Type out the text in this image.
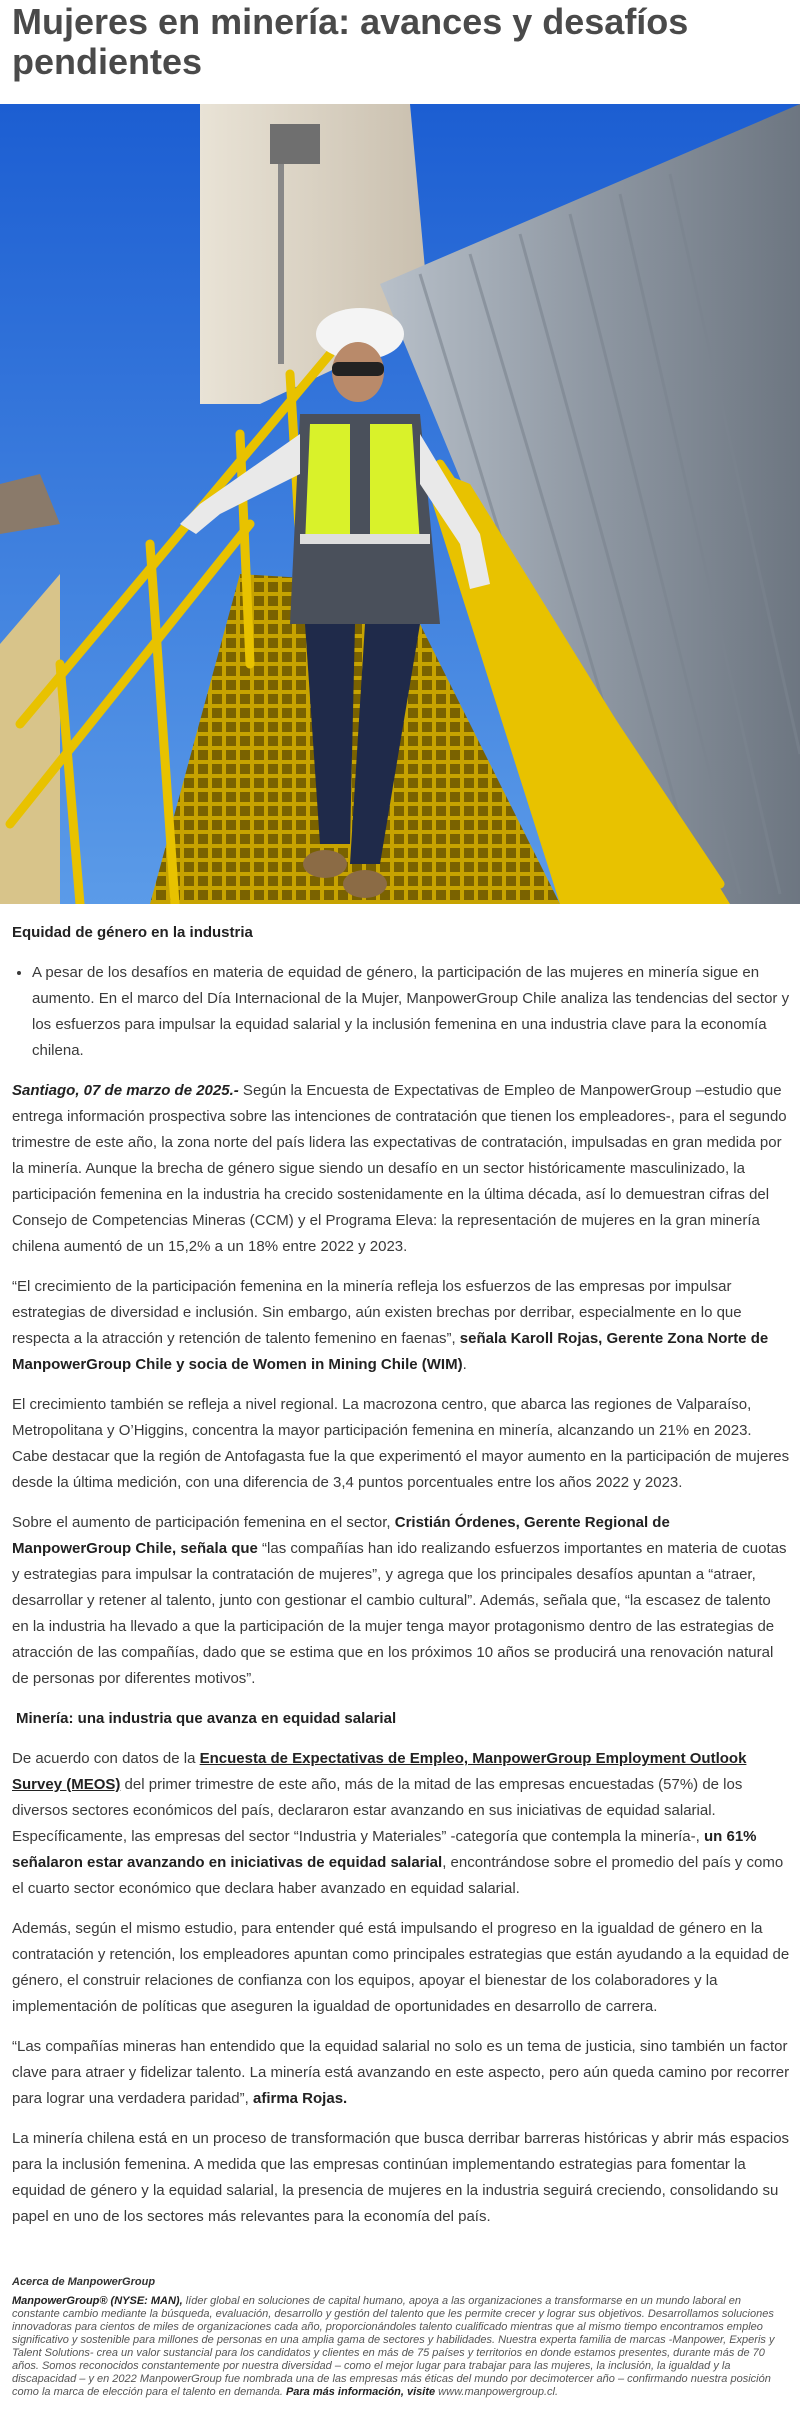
Mujeres en minería: avances y desafíos pendientes
Equidad de género en la industria
• A pesar de los desafíos en materia de equidad de género, la participación de las mujeres en minería sigue en aumento. En el marco del Día Internacional de la Mujer, ManpowerGroup Chile analiza las tendencias del sector y los esfuerzos para impulsar la equidad salarial y la inclusión femenina en una industria clave para la economía chilena.

Santiago, 07 de marzo de 2025.- Según la Encuesta de Expectativas de Empleo de ManpowerGroup –estudio que entrega información prospectiva sobre las intenciones de contratación que tienen los empleadores-, para el segundo trimestre de este año, la zona norte del país lidera las expectativas de contratación, impulsadas en gran medida por la minería. Aunque la brecha de género sigue siendo un desafío en un sector históricamente masculinizado, la participación femenina en la industria ha crecido sostenidamente en la última década, así lo demuestran cifras del Consejo de Competencias Mineras (CCM) y el Programa Eleva: la representación de mujeres en la gran minería chilena aumentó de un 15,2% a un 18% entre 2022 y 2023.

“El crecimiento de la participación femenina en la minería refleja los esfuerzos de las empresas por impulsar estrategias de diversidad e inclusión. Sin embargo, aún existen brechas por derribar, especialmente en lo que respecta a la atracción y retención de talento femenino en faenas”, señala Karoll Rojas, Gerente Zona Norte de ManpowerGroup Chile y socia de Women in Mining Chile (WIM).

El crecimiento también se refleja a nivel regional. La macrozona centro, que abarca las regiones de Valparaíso, Metropolitana y O’Higgins, concentra la mayor participación femenina en minería, alcanzando un 21% en 2023. Cabe destacar que la región de Antofagasta fue la que experimentó el mayor aumento en la participación de mujeres desde la última medición, con una diferencia de 3,4 puntos porcentuales entre los años 2022 y 2023.

Sobre el aumento de participación femenina en el sector, Cristián Órdenes, Gerente Regional de ManpowerGroup Chile, señala que “las compañías han ido realizando esfuerzos importantes en materia de cuotas y estrategias para impulsar la contratación de mujeres”, y agrega que los principales desafíos apuntan a “atraer, desarrollar y retener al talento, junto con gestionar el cambio cultural”. Además, señala que, “la escasez de talento en la industria ha llevado a que la participación de la mujer tenga mayor protagonismo dentro de las estrategias de atracción de las compañías, dado que se estima que en los próximos 10 años se producirá una renovación natural de personas por diferentes motivos”.

Minería: una industria que avanza en equidad salarial

De acuerdo con datos de la Encuesta de Expectativas de Empleo, ManpowerGroup Employment Outlook Survey (MEOS) del primer trimestre de este año, más de la mitad de las empresas encuestadas (57%) de los diversos sectores económicos del país, declararon estar avanzando en sus iniciativas de equidad salarial. Específicamente, las empresas del sector “Industria y Materiales” -categoría que contempla la minería-, un 61% señalaron estar avanzando en iniciativas de equidad salarial, encontrándose sobre el promedio del país y como el cuarto sector económico que declara haber avanzado en equidad salarial.

Además, según el mismo estudio, para entender qué está impulsando el progreso en la igualdad de género en la contratación y retención, los empleadores apuntan como principales estrategias que están ayudando a la equidad de género, el construir relaciones de confianza con los equipos, apoyar el bienestar de los colaboradores y la implementación de políticas que aseguren la igualdad de oportunidades en desarrollo de carrera.

“Las compañías mineras han entendido que la equidad salarial no solo es un tema de justicia, sino también un factor clave para atraer y fidelizar talento. La minería está avanzando en este aspecto, pero aún queda camino por recorrer para lograr una verdadera paridad”, afirma Rojas.

La minería chilena está en un proceso de transformación que busca derribar barreras históricas y abrir más espacios para la inclusión femenina. A medida que las empresas continúan implementando estrategias para fomentar la equidad de género y la equidad salarial, la presencia de mujeres en la industria seguirá creciendo, consolidando su papel en uno de los sectores más relevantes para la economía del país.

Acerca de ManpowerGroup

ManpowerGroup® (NYSE: MAN), líder global en soluciones de capital humano, apoya a las organizaciones a transformarse en un mundo laboral en constante cambio mediante la búsqueda, evaluación, desarrollo y gestión del talento que les permite crecer y lograr sus objetivos. Desarrollamos soluciones innovadoras para cientos de miles de organizaciones cada año, proporcionándoles talento cualificado mientras que al mismo tiempo encontramos empleo significativo y sostenible para millones de personas en una amplia gama de sectores y habilidades. Nuestra experta familia de marcas -Manpower, Experis y Talent Solutions- crea un valor sustancial para los candidatos y clientes en más de 75 países y territorios en donde estamos presentes, durante más de 70 años. Somos reconocidos constantemente por nuestra diversidad – como el mejor lugar para trabajar para las mujeres, la inclusión, la igualdad y la discapacidad – y en 2022 ManpowerGroup fue nombrada una de las empresas más éticas del mundo por decimotercer año – confirmando nuestra posición como la marca de elección para el talento en demanda. Para más información, visite www.manpowergroup.cl.
